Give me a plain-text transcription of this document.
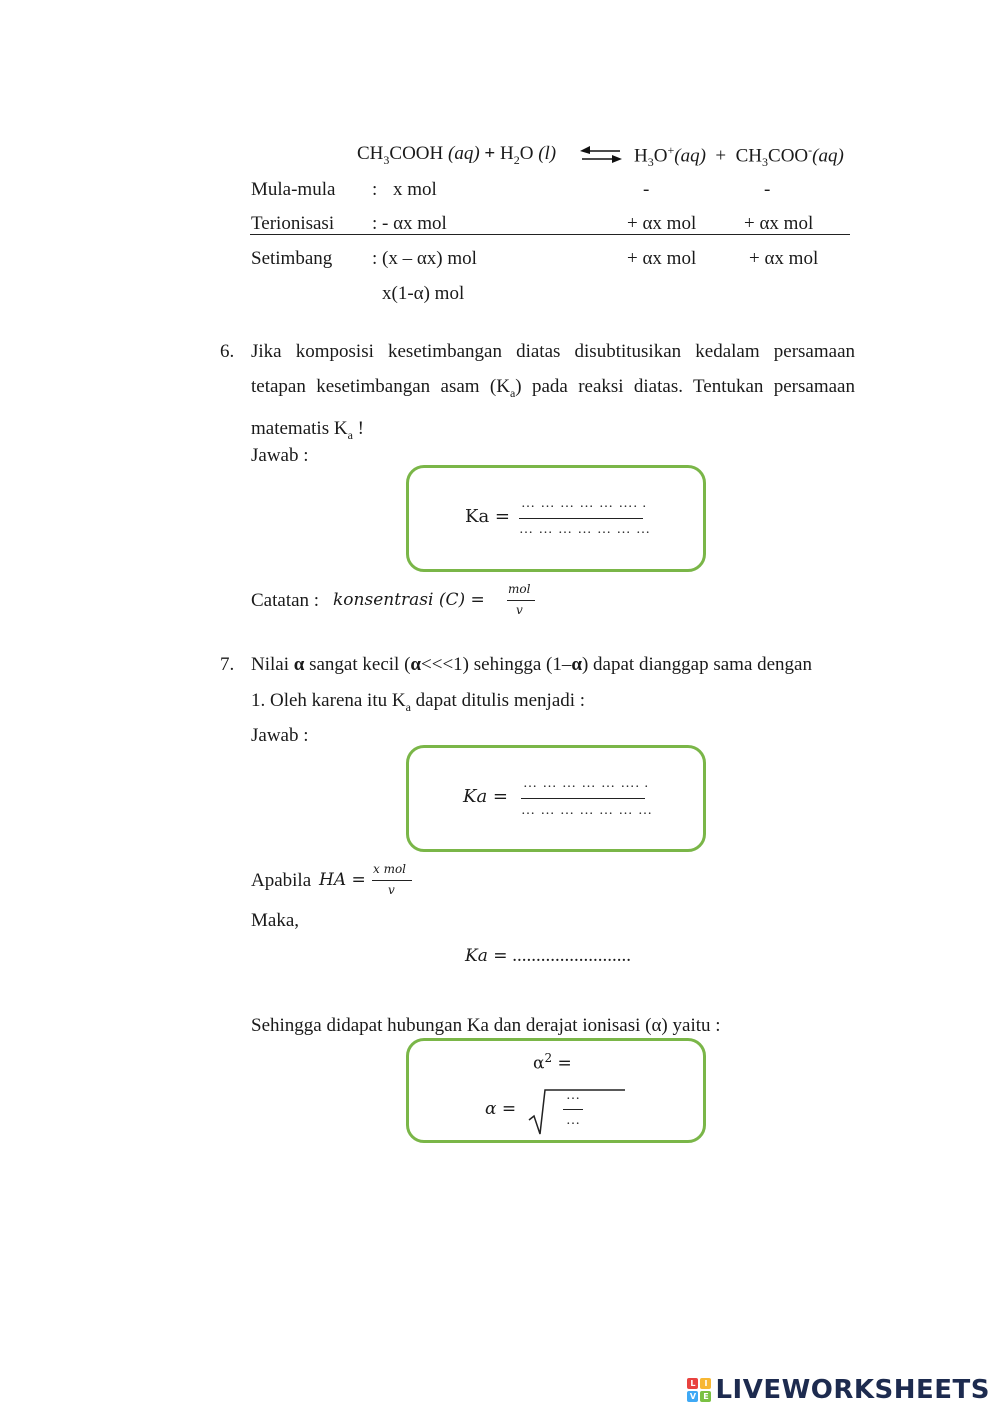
$CH_3COOH$ $(aq) + H_2O$ (l) ⇌ $H_3O^+(aq) + CH_3COO^-(aq)$
Mula-mula : x mol	-	-
Terionisasi : - αx mol	+ αx mol	+ αx mol
Setimbang : (x – αx) mol	+ αx mol	+ αx mol
x(1-α) mol
6. Jika komposisi kesetimbangan diatas disubtitusikan kedalam persamaan tetapan kesetimbangan asam $(K_a)$ pada reaksi diatas. Tentukan persamaan matematis $K_a$ !
Jawab :
Ka =
… … … … … …. .
… … … … … … …
Catatan : konsentrasi (C) =
mol
v
7. Nilai α sangat kecil (α<<<1) sehingga (1–α) dapat dianggap sama dengan
1. Oleh karena itu $K_a$ dapat ditulis menjadi :
Jawab :
Ka =
… … … … … …. .
… … … … … … …
Apabila HA =
x mol
v
Maka,
Ka = .........................
Sehingga didapat hubungan Ka dan derajat ionisasi (α) yaitu :
$\alpha^2$ =
α =
…
…
L	I
V E LIVEWORKSHEETS
